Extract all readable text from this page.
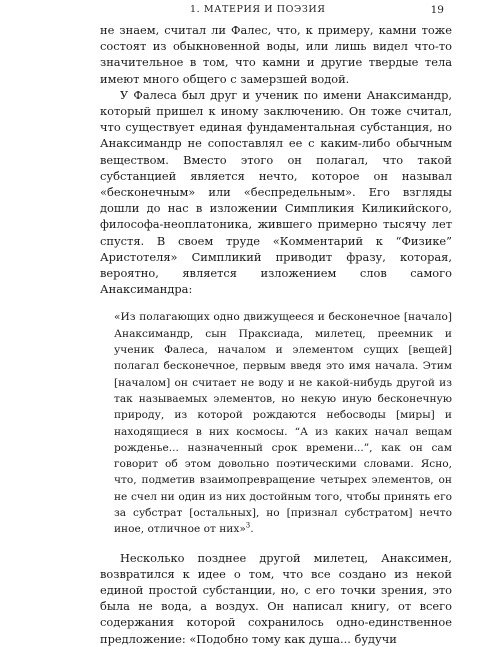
1. МАТЕРИЯ И ПОЭЗИЯ	19

не знаем, считал ли Фалес, что, к примеру, камни тоже состоят из обыкновенной воды, или лишь видел что-то значительное в том, что камни и другие твердые тела имеют много общего с замерзшей водой.

У Фалеса был друг и ученик по имени Анаксимандр, который пришел к иному заключению. Он тоже считал, что существует единая фундаментальная субстанция, но Анаксимандр не сопоставлял ее с каким-либо обычным веществом. Вместо этого он полагал, что такой субстанцией является нечто, которое он называл «бесконечным» или «беспредельным». Его взгляды дошли до нас в изложении Симпликия Киликийского, философа-неоплатоника, жившего примерно тысячу лет спустя. В своем труде «Комментарий к “Физике” Аристотеля» Симпликий приводит фразу, которая, вероятно, является изложением слов самого Анаксимандра:

«Из полагающих одно движущееся и бесконечное [начало] Анаксимандр, сын Праксиада, милетец, преемник и ученик Фалеса, началом и элементом сущих [вещей] полагал бесконечное, первым введя это имя начала. Этим [началом] он считает не воду и не какой-нибудь другой из так называемых элементов, но некую иную бесконечную природу, из которой рождаются небосводы [миры] и находящиеся в них космосы. “А из каких начал вещам рожденье... назначенный срок времени...”, как он сам говорит об этом довольно поэтическими словами. Ясно, что, подметив взаимопревращение четырех элементов, он не счел ни один из них достойным того, чтобы принять его за субстрат [остальных], но [признал субстратом] нечто иное, отличное от них»$^3$.

Несколько позднее другой милетец, Анаксимен, возвратился к идее о том, что все создано из некой единой простой субстанции, но, с его точки зрения, это была не вода, а воздух. Он написал книгу, от всего содержания которой сохранилось одно-единственное предложение: «Подобно тому как душа... будучи
